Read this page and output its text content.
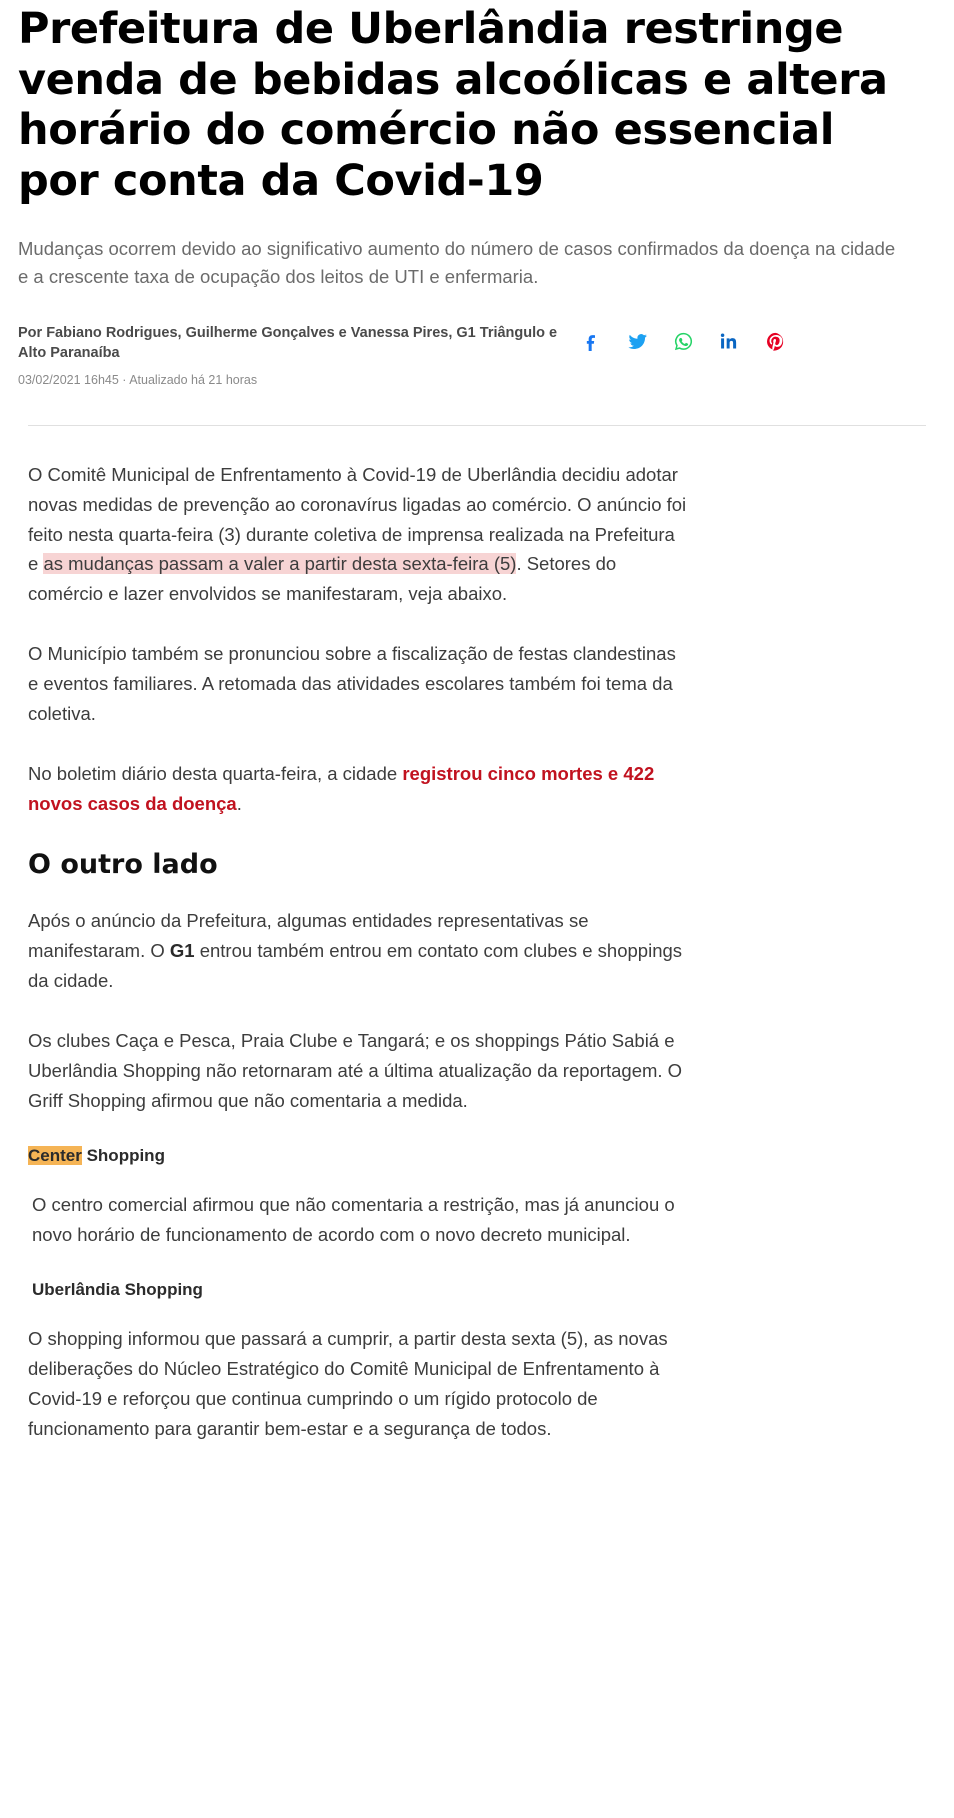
Prefeitura de Uberlândia restringe venda de bebidas alcoólicas e altera horário do comércio não essencial por conta da Covid-19

Mudanças ocorrem devido ao significativo aumento do número de casos confirmados da doença na cidade e a crescente taxa de ocupação dos leitos de UTI e enfermaria.

Por Fabiano Rodrigues, Guilherme Gonçalves e Vanessa Pires, G1 Triângulo e Alto Paranaíba
03/02/2021 16h45 · Atualizado há 21 horas

O Comitê Municipal de Enfrentamento à Covid-19 de Uberlândia decidiu adotar novas medidas de prevenção ao coronavírus ligadas ao comércio. O anúncio foi feito nesta quarta-feira (3) durante coletiva de imprensa realizada na Prefeitura e as mudanças passam a valer a partir desta sexta-feira (5). Setores do comércio e lazer envolvidos se manifestaram, veja abaixo.

O Município também se pronunciou sobre a fiscalização de festas clandestinas e eventos familiares. A retomada das atividades escolares também foi tema da coletiva.

No boletim diário desta quarta-feira, a cidade registrou cinco mortes e 422 novos casos da doença.

O outro lado

Após o anúncio da Prefeitura, algumas entidades representativas se manifestaram. O G1 entrou também entrou em contato com clubes e shoppings da cidade.

Os clubes Caça e Pesca, Praia Clube e Tangará; e os shoppings Pátio Sabiá e Uberlândia Shopping não retornaram até a última atualização da reportagem. O Griff Shopping afirmou que não comentaria a medida.

Center Shopping

O centro comercial afirmou que não comentaria a restrição, mas já anunciou o novo horário de funcionamento de acordo com o novo decreto municipal.

Uberlândia Shopping

O shopping informou que passará a cumprir, a partir desta sexta (5), as novas deliberações do Núcleo Estratégico do Comitê Municipal de Enfrentamento à Covid-19 e reforçou que continua cumprindo o um rígido protocolo de funcionamento para garantir bem-estar e a segurança de todos.
